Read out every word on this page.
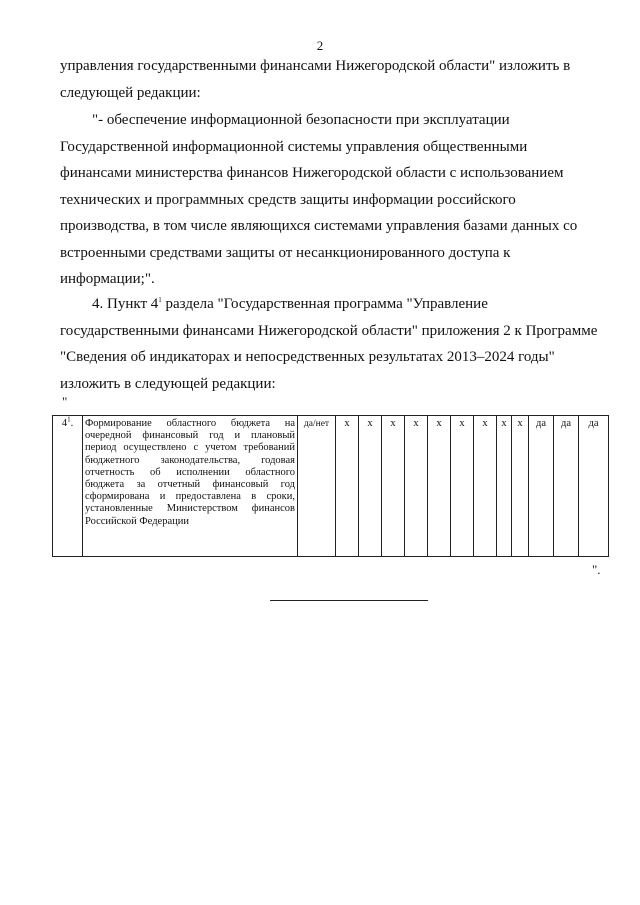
2
управления государственными финансами Нижегородской области" изложить в
следующей редакции:
"- обеспечение информационной безопасности при эксплуатации
Государственной информационной системы управления общественными
финансами министерства финансов Нижегородской области с использованием
технических и программных средств защиты информации российского
производства, в том числе являющихся системами управления базами данных со
встроенными средствами защиты от несанкционированного доступа к
информации;".
4. Пункт $4^1$ раздела "Государственная программа "Управление
государственными финансами Нижегородской области" приложения 2 к Программе
"Сведения об индикаторах и непосредственных результатах 2013–2024 годы"
изложить в следующей редакции:
"
$4^1$.	Формирование областного бюджета на очередной финансовый год и плановый период осуществлено с учетом требований бюджетного законодательства, годовая отчетность об исполнении областного бюджета за отчетный финансовый год сформирована и предоставлена в сроки, установленные Министерством финансов Российской Федерации	да/нет	х	х	х	х	х	х	х	х	х	да	да	да
".
